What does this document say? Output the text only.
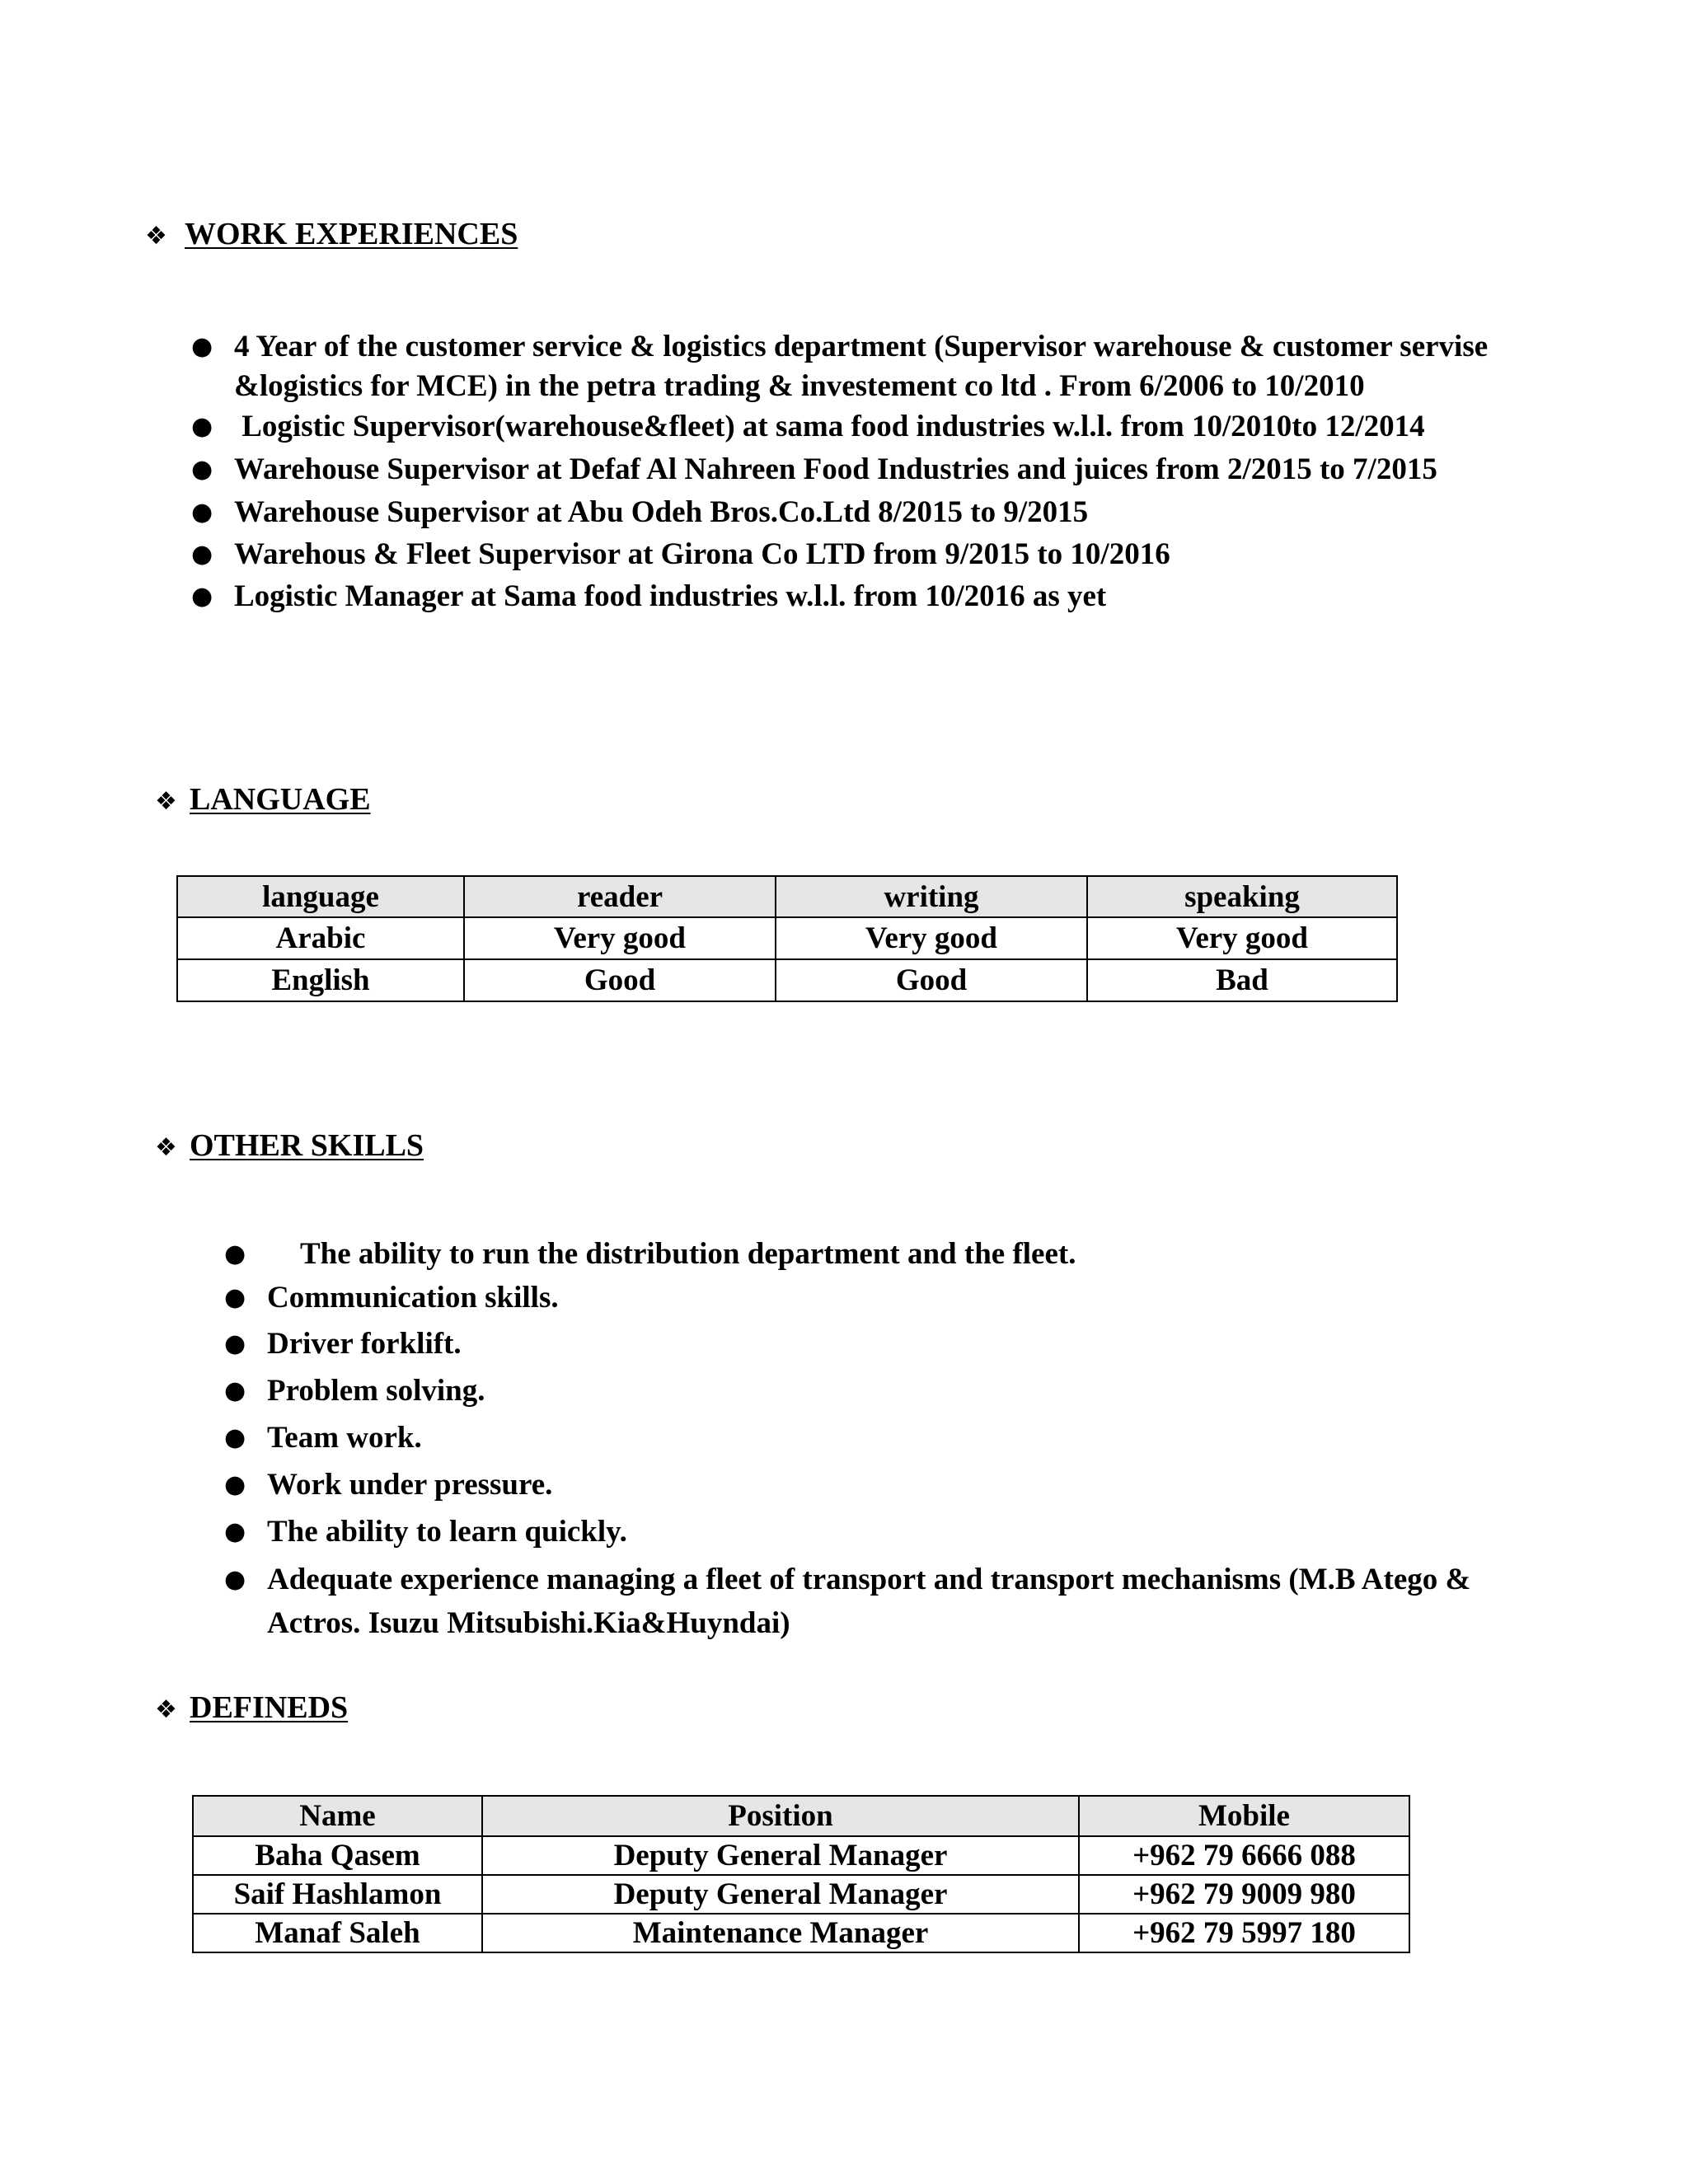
❖ WORK EXPERIENCES
● 4 Year of the customer service & logistics department (Supervisor warehouse & customer servise &logistics for MCE) in the petra trading & investement co ltd . From 6/2006 to 10/2010
● Logistic Supervisor(warehouse&fleet) at sama food industries w.l.l. from 10/2010to 12/2014
● Warehouse Supervisor at Defaf Al Nahreen Food Industries and juices from 2/2015 to 7/2015
● Warehouse Supervisor at Abu Odeh Bros.Co.Ltd 8/2015 to 9/2015
● Warehous & Fleet Supervisor at Girona Co LTD from 9/2015 to 10/2016
● Logistic Manager at Sama food industries w.l.l. from 10/2016 as yet
❖ LANGUAGE
language	reader	writing	speaking
Arabic	Very good	Very good	Very good
English	Good	Good	Bad
❖ OTHER SKILLS
● The ability to run the distribution department and the fleet.
● Communication skills.
● Driver forklift.
● Problem solving.
● Team work.
● Work under pressure.
● The ability to learn quickly.
● Adequate experience managing a fleet of transport and transport mechanisms (M.B Atego & Actros. Isuzu Mitsubishi.Kia&Huyndai)
❖ DEFINEDS
Name	Position	Mobile
Baha Qasem	Deputy General Manager	+962 79 6666 088
Saif Hashlamon	Deputy General Manager	+962 79 9009 980
Manaf Saleh	Maintenance Manager	+962 79 5997 180
